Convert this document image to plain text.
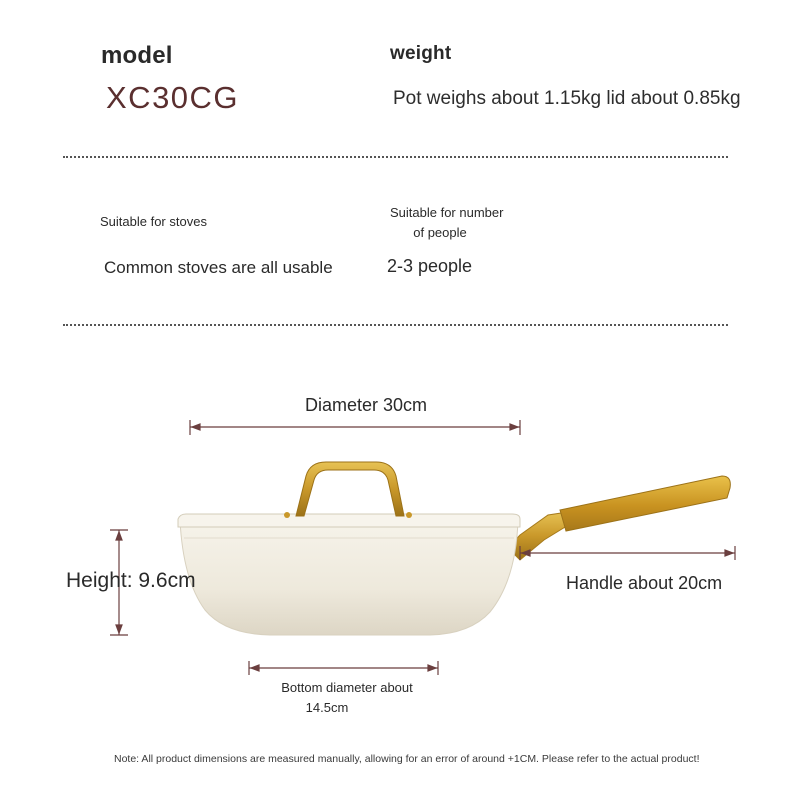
model
XC30CG
weight
Pot weighs about 1.15kg lid about 0.85kg
Suitable for stoves
Common stoves are all usable
Suitable for number
of people
2-3 people
Diameter 30cm
Height: 9.6cm	Handle about 20cm
Bottom diameter about
14.5cm
Note: All product dimensions are measured manually, allowing for an error of around +1CM. Please refer to the actual product!
